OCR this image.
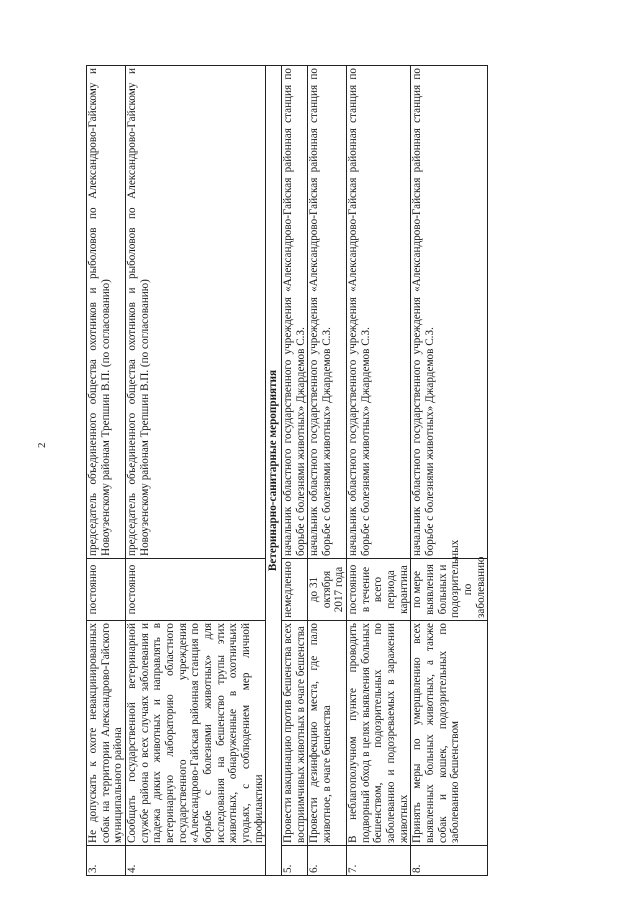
2
3.	Не допускать к охоте невакцинированных собак на территории Александрово-Гайского муниципального района	постоянно	председатель объединенного общества охотников и рыболовов по Александрово-Гайскому и Новоузенскому районам Трепшин В.П. (по согласованию)
4.	Сообщать государственной ветеринарной службе района о всех случаях заболевания и падежа диких животных и направлять в ветеринарную лабораторию областного государственного учреждения «Александрово-Гайская районная станция по борьбе с болезнями животных» для исследования на бешенство трупы этих животных, обнаруженные в охотничьих угодьях, с соблюдением мер личной профилактики	постоянно	председатель объединенного общества охотников и рыболовов по Александрово-Гайскому и Новоузенскому районам Трепшин В.П. (по согласованию)
Ветеринарно-санитарные мероприятия			
5.	Провести вакцинацию против бешенства всех восприимчивых животных в очаге бешенства	немедленно	начальник областного государственного учреждения «Александрово-Гайская районная станция по борьбе с болезнями животных» Джардемов С.З.
6.	Провести дезинфекцию места, где пало животное, в очаге бешенства	до 31 октября 2017 года	начальник областного государственного учреждения «Александрово-Гайская районная станция по борьбе с болезнями животных» Джардемов С.З.
7.	В неблагополучном пункте проводить подворный обход в целях выявления больных бешенством, подозрительных по заболеванию и подозреваемых в заражении животных	постоянно в течение всего периода карантина	начальник областного государственного учреждения «Александрово-Гайская районная станция по борьбе с болезнями животных» Джардемов С.З.
8.	Принять меры по умерщвлению всех выявленных больных животных, а также собак и кошек, подозрительных по заболеванию бешенством	по мере выявления больных и подозрительных по заболеванию	начальник областного государственного учреждения «Александрово-Гайская районная станция по борьбе с болезнями животных» Джардемов С.З.
